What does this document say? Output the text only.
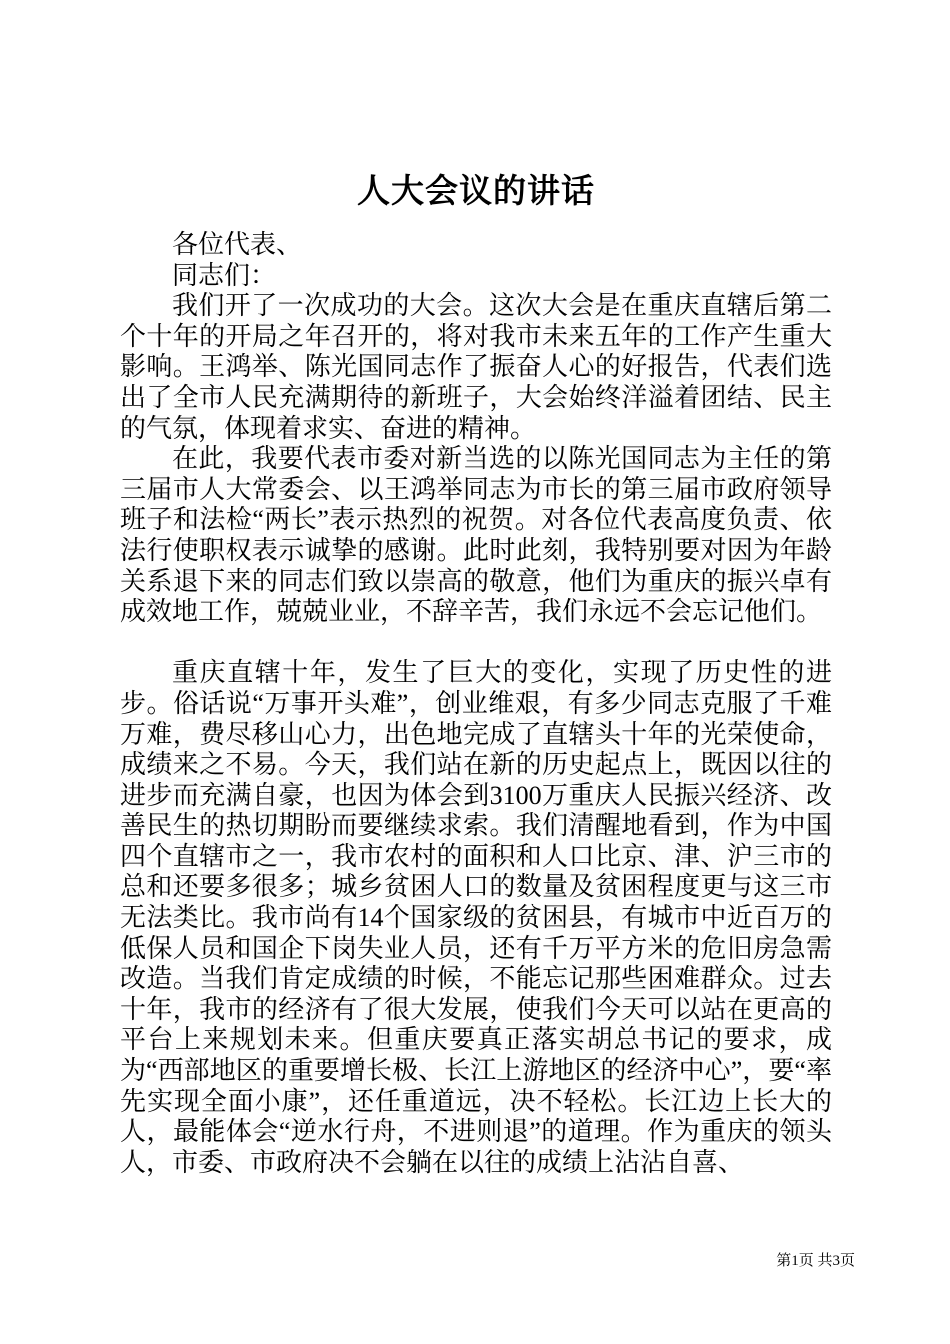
人大会议的讲话

各位代表、

同志们：

我们开了一次成功的大会。这次大会是在重庆直辖后第二个十年的开局之年召开的，将对我市未来五年的工作产生重大影响。王鸿举、陈光国同志作了振奋人心的好报告，代表们选出了全市人民充满期待的新班子，大会始终洋溢着团结、民主的气氛，体现着求实、奋进的精神。

在此，我要代表市委对新当选的以陈光国同志为主任的第三届市人大常委会、以王鸿举同志为市长的第三届市政府领导班子和法检“两长”表示热烈的祝贺。对各位代表高度负责、依法行使职权表示诚挚的感谢。此时此刻，我特别要对因为年龄关系退下来的同志们致以崇高的敬意，他们为重庆的振兴卓有成效地工作，兢兢业业，不辞辛苦，我们永远不会忘记他们。

重庆直辖十年，发生了巨大的变化，实现了历史性的进步。俗话说“万事开头难”，创业维艰，有多少同志克服了千难万难，费尽移山心力，出色地完成了直辖头十年的光荣使命，成绩来之不易。今天，我们站在新的历史起点上，既因以往的进步而充满自豪，也因为体会到3100万重庆人民振兴经济、改善民生的热切期盼而要继续求索。我们清醒地看到，作为中国四个直辖市之一，我市农村的面积和人口比京、津、沪三市的总和还要多很多；城乡贫困人口的数量及贫困程度更与这三市无法类比。我市尚有14个国家级的贫困县，有城市中近百万的低保人员和国企下岗失业人员，还有千万平方米的危旧房急需改造。当我们肯定成绩的时候，不能忘记那些困难群众。过去十年，我市的经济有了很大发展，使我们今天可以站在更高的平台上来规划未来。但重庆要真正落实胡总书记的要求，成为“西部地区的重要增长极、长江上游地区的经济中心”，要“率先实现全面小康”，还任重道远，决不轻松。长江边上长大的人，最能体会“逆水行舟，不进则退”的道理。作为重庆的领头人，市委、市政府决不会躺在以往的成绩上沾沾自喜、

第1页 共3页
